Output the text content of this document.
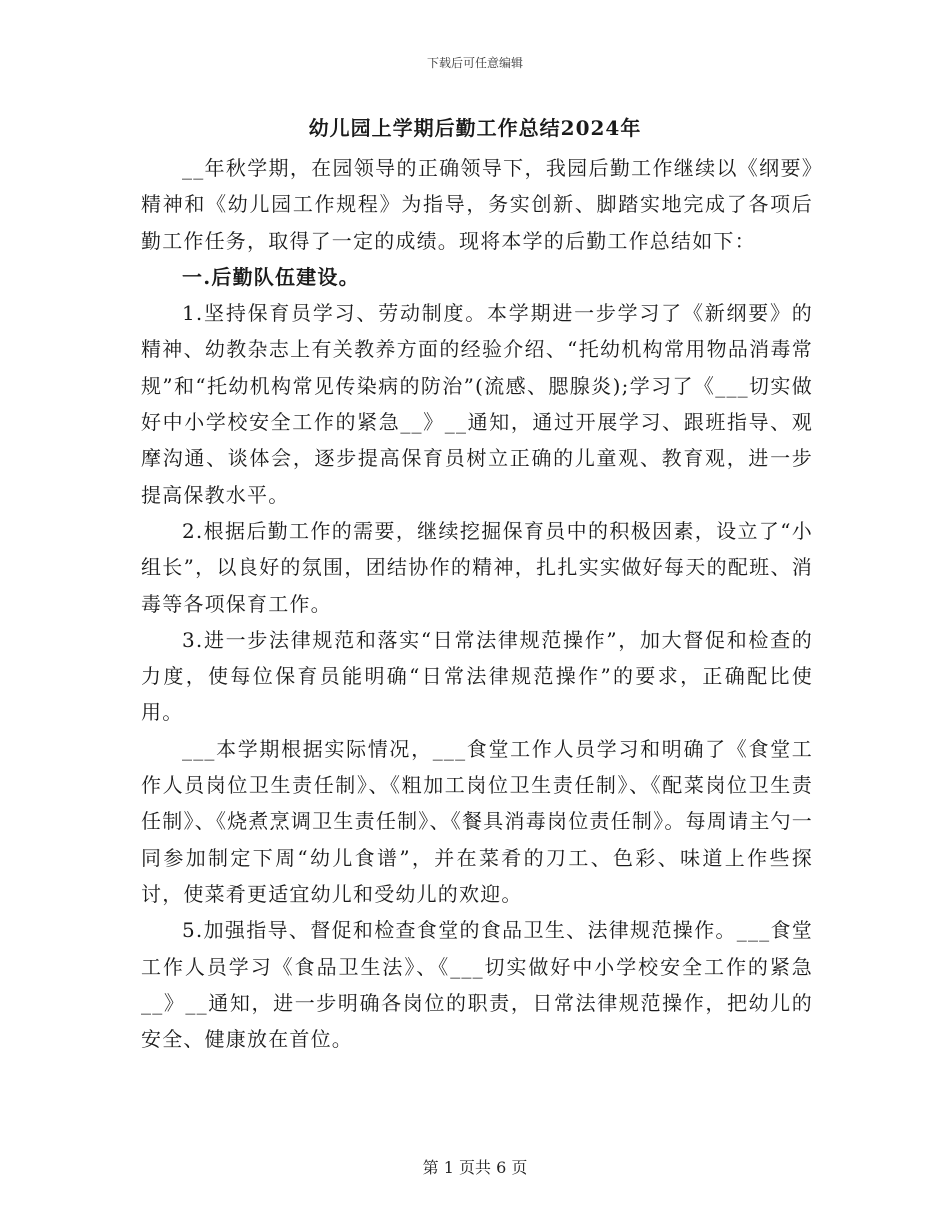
下载后可任意编辑
幼儿园上学期后勤工作总结2024年

__年秋学期，在园领导的正确领导下，我园后勤工作继续以《纲要》精神和《幼儿园工作规程》为指导，务实创新、脚踏实地完成了各项后勤工作任务，取得了一定的成绩。现将本学的后勤工作总结如下：

一.后勤队伍建设。

1.坚持保育员学习、劳动制度。本学期进一步学习了《新纲要》的精神、幼教杂志上有关教养方面的经验介绍、“托幼机构常用物品消毒常规”和“托幼机构常见传染病的防治”(流感、腮腺炎);学习了《___切实做好中小学校安全工作的紧急__》__通知，通过开展学习、跟班指导、观摩沟通、谈体会，逐步提高保育员树立正确的儿童观、教育观，进一步提高保教水平。

2.根据后勤工作的需要，继续挖掘保育员中的积极因素，设立了“小组长”，以良好的氛围，团结协作的精神，扎扎实实做好每天的配班、消毒等各项保育工作。

3.进一步法律规范和落实“日常法律规范操作”，加大督促和检查的力度，使每位保育员能明确“日常法律规范操作”的要求，正确配比使用。

___本学期根据实际情况，___食堂工作人员学习和明确了《食堂工作人员岗位卫生责任制》、《粗加工岗位卫生责任制》、《配菜岗位卫生责任制》、《烧煮烹调卫生责任制》、《餐具消毒岗位责任制》。每周请主勺一同参加制定下周“幼儿食谱”，并在菜肴的刀工、色彩、味道上作些探讨，使菜肴更适宜幼儿和受幼儿的欢迎。

5.加强指导、督促和检查食堂的食品卫生、法律规范操作。___食堂工作人员学习《食品卫生法》、《___切实做好中小学校安全工作的紧急__》__通知，进一步明确各岗位的职责，日常法律规范操作，把幼儿的安全、健康放在首位。

第 1 页共 6 页
